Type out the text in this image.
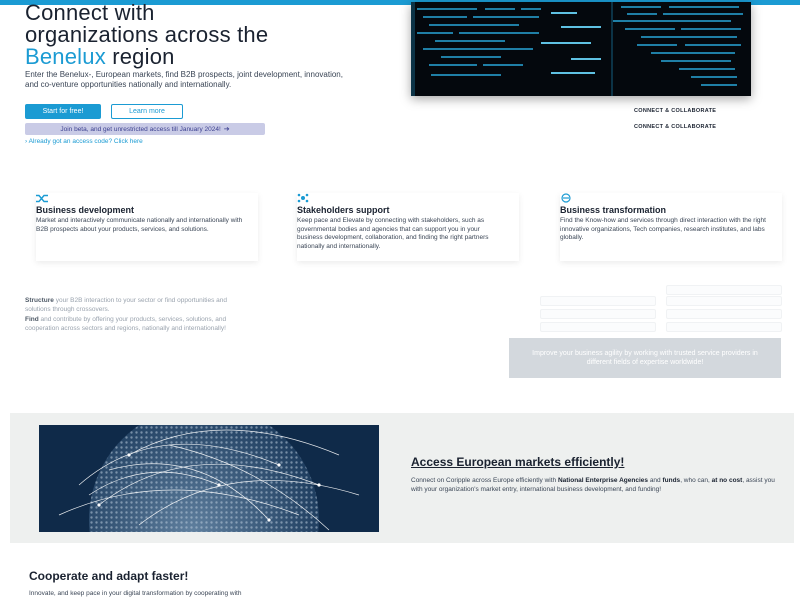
Connect with
organizations across the
Benelux region

Enter the Benelux-, European markets, find B2B prospects, joint development, innovation, and co-venture opportunities nationally and internationally.

Start for free!	Learn more
Join beta, and get unrestricted access till January 2024! ➔
› Already got an access code? Click here
CONNECT & COLLABORATE
CONNECT & COLLABORATE
Business development

Market and interactively communicate nationally and internationally with B2B prospects about your products, services, and solutions.

Stakeholders support

Keep pace and Elevate by connecting with stakeholders, such as governmental bodies and agencies that can support you in your business development, collaboration, and finding the right partners nationally and internationally.

Business transformation

Find the Know-how and services through direct interaction with the right innovative organizations, Tech companies, research institutes, and labs globally.

Structure your B2B interaction to your sector or find opportunities and solutions through crossovers.

Find and contribute by offering your products, services, solutions, and cooperation across sectors and regions, nationally and internationally!

Improve your business agility by working with trusted service providers in different fields of expertise worldwide!
Access European markets efficiently!

Connect on Coripple across Europe efficiently with National Enterprise Agencies and funds, who can, at no cost, assist you with your organization's market entry, international business development, and funding!

Cooperate and adapt faster!

Innovate, and keep pace in your digital transformation by cooperating with
